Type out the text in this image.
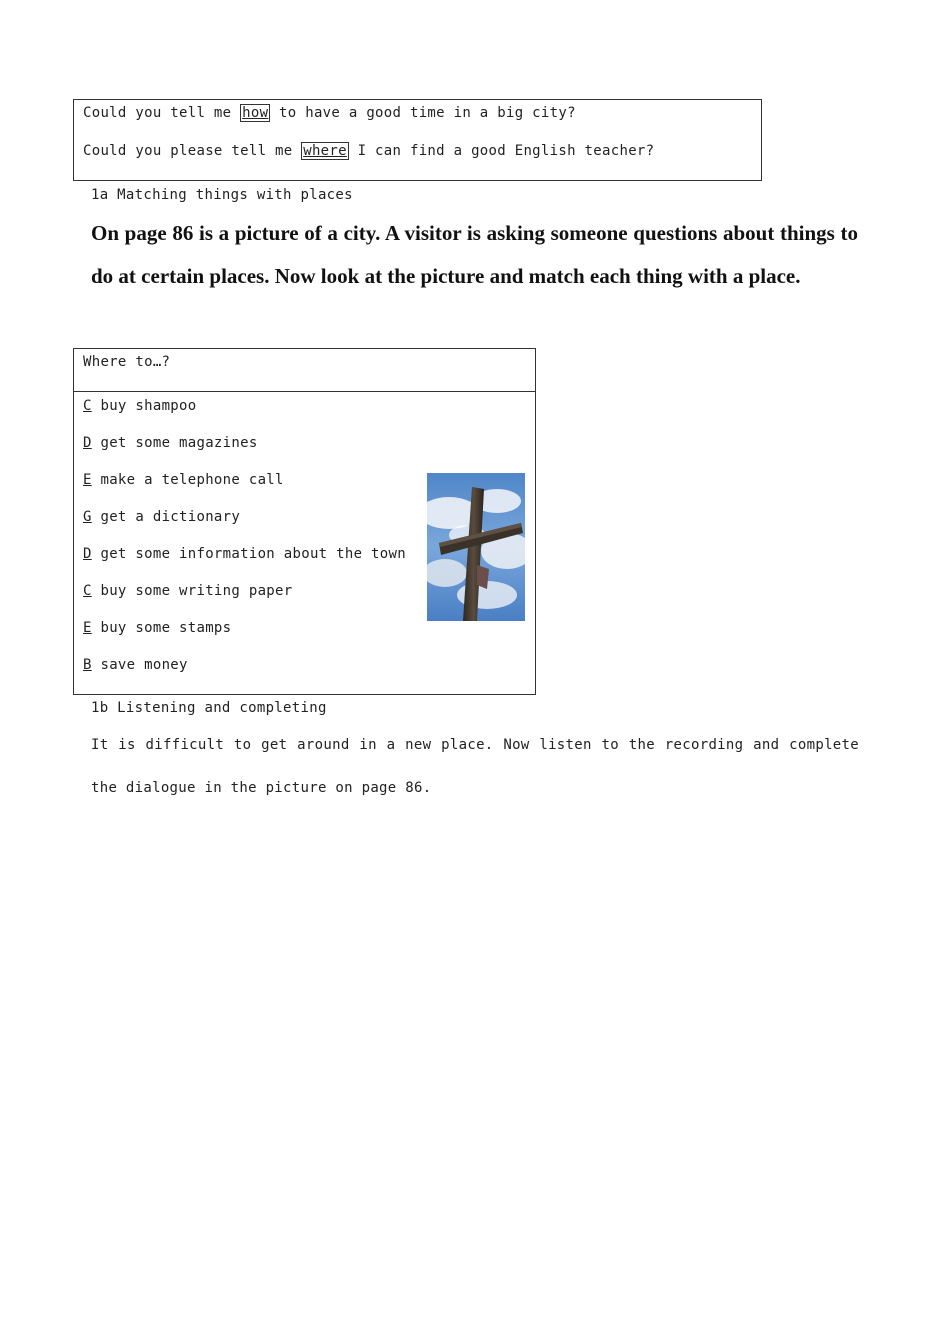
Could you tell me how to have a good time in a big city?
Could you please tell me where I can find a good English teacher?
1a Matching things with places
On page 86 is a picture of a city. A visitor is asking someone questions about things to do at certain places. Now look at the picture and match each thing with a place.
Where to…?
C buy shampoo
D get some magazines
E make a telephone call
G get a dictionary
D get some information about the town
C buy some writing paper
E buy some stamps
B save money
1b Listening and completing
It is difficult to get around in a new place. Now listen to the recording and complete the dialogue in the picture on page 86.
